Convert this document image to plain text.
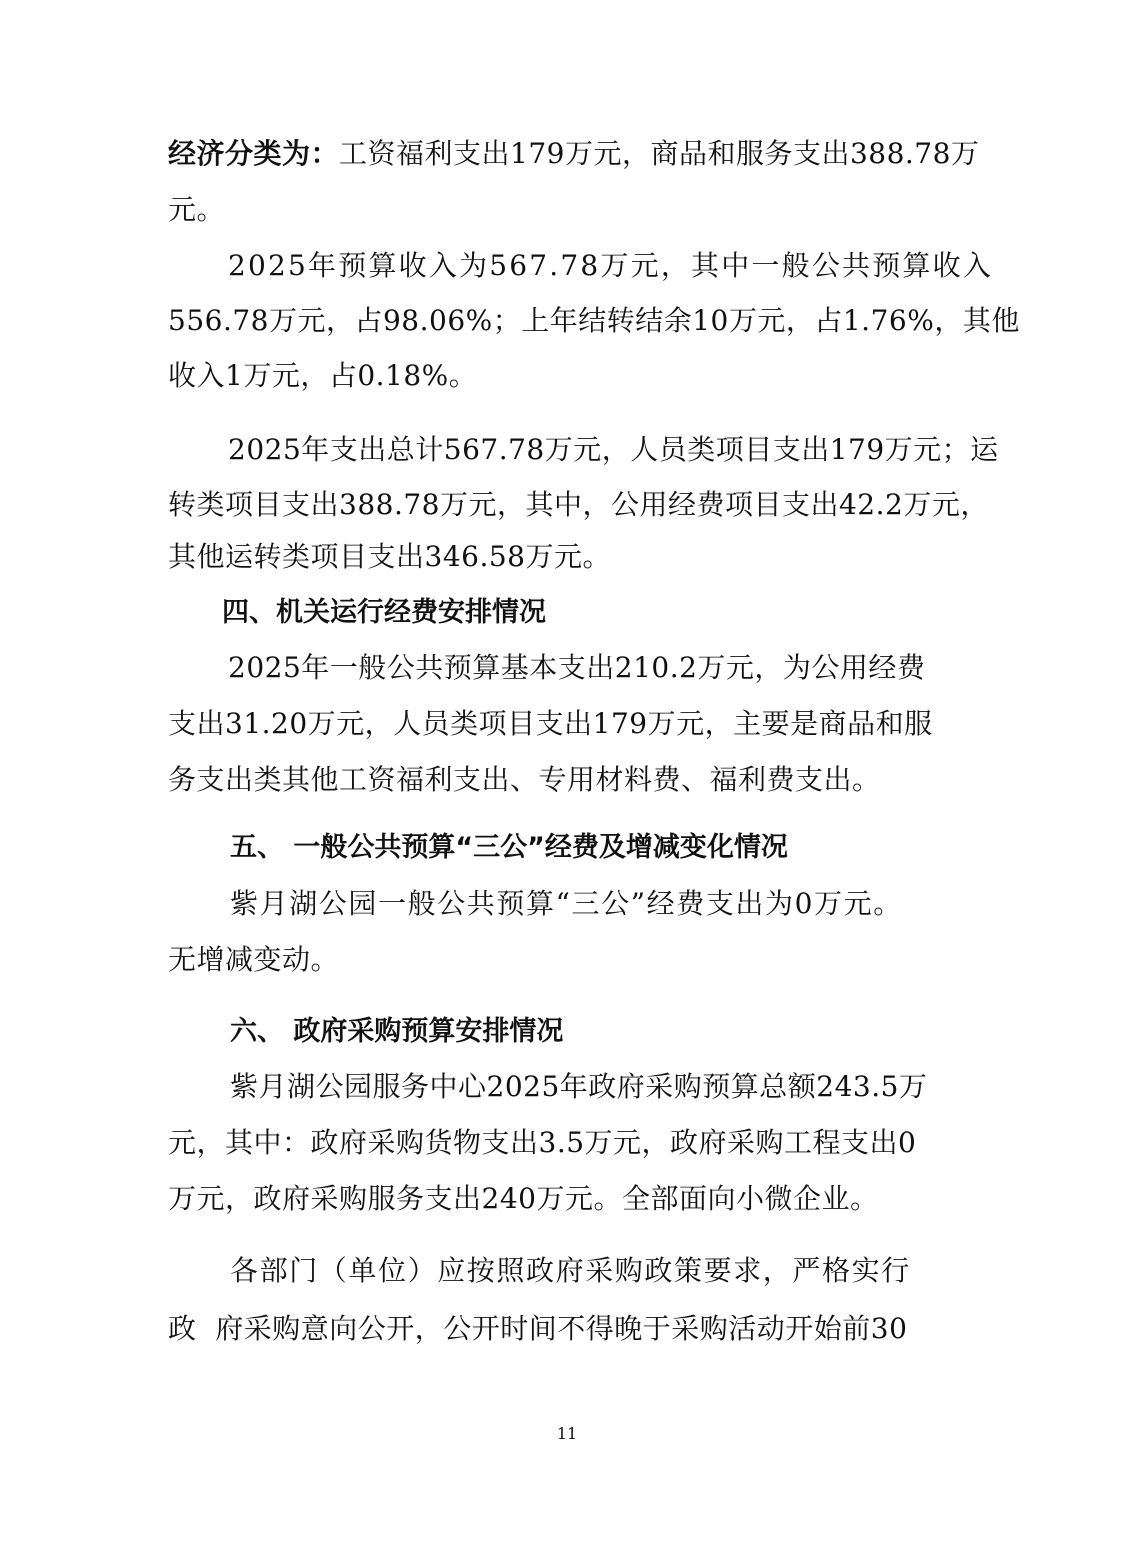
经济分类为：工资福利支出179万元，商品和服务支出388.78万
元。
2025年预算收入为567.78万元，其中一般公共预算收入
556.78万元，占98.06%；上年结转结余10万元，占1.76%，其他
收入1万元，占0.18%。
2025年支出总计567.78万元，人员类项目支出179万元；运
转类项目支出388.78万元，其中，公用经费项目支出42.2万元，
其他运转类项目支出346.58万元。
四、机关运行经费安排情况
2025年一般公共预算基本支出210.2万元，为公用经费
支出31.20万元，人员类项目支出179万元，主要是商品和服
务支出类其他工资福利支出、专用材料费、福利费支出。
五、 一般公共预算“三公”经费及增减变化情况
紫月湖公园一般公共预算“三公”经费支出为0万元。
无增减变动。
六、 政府采购预算安排情况
紫月湖公园服务中心2025年政府采购预算总额243.5万
元，其中：政府采购货物支出3.5万元，政府采购工程支出0
万元，政府采购服务支出240万元。全部面向小微企业。
各部门（单位）应按照政府采购政策要求，严格实行
政  府采购意向公开，公开时间不得晚于采购活动开始前30
11
